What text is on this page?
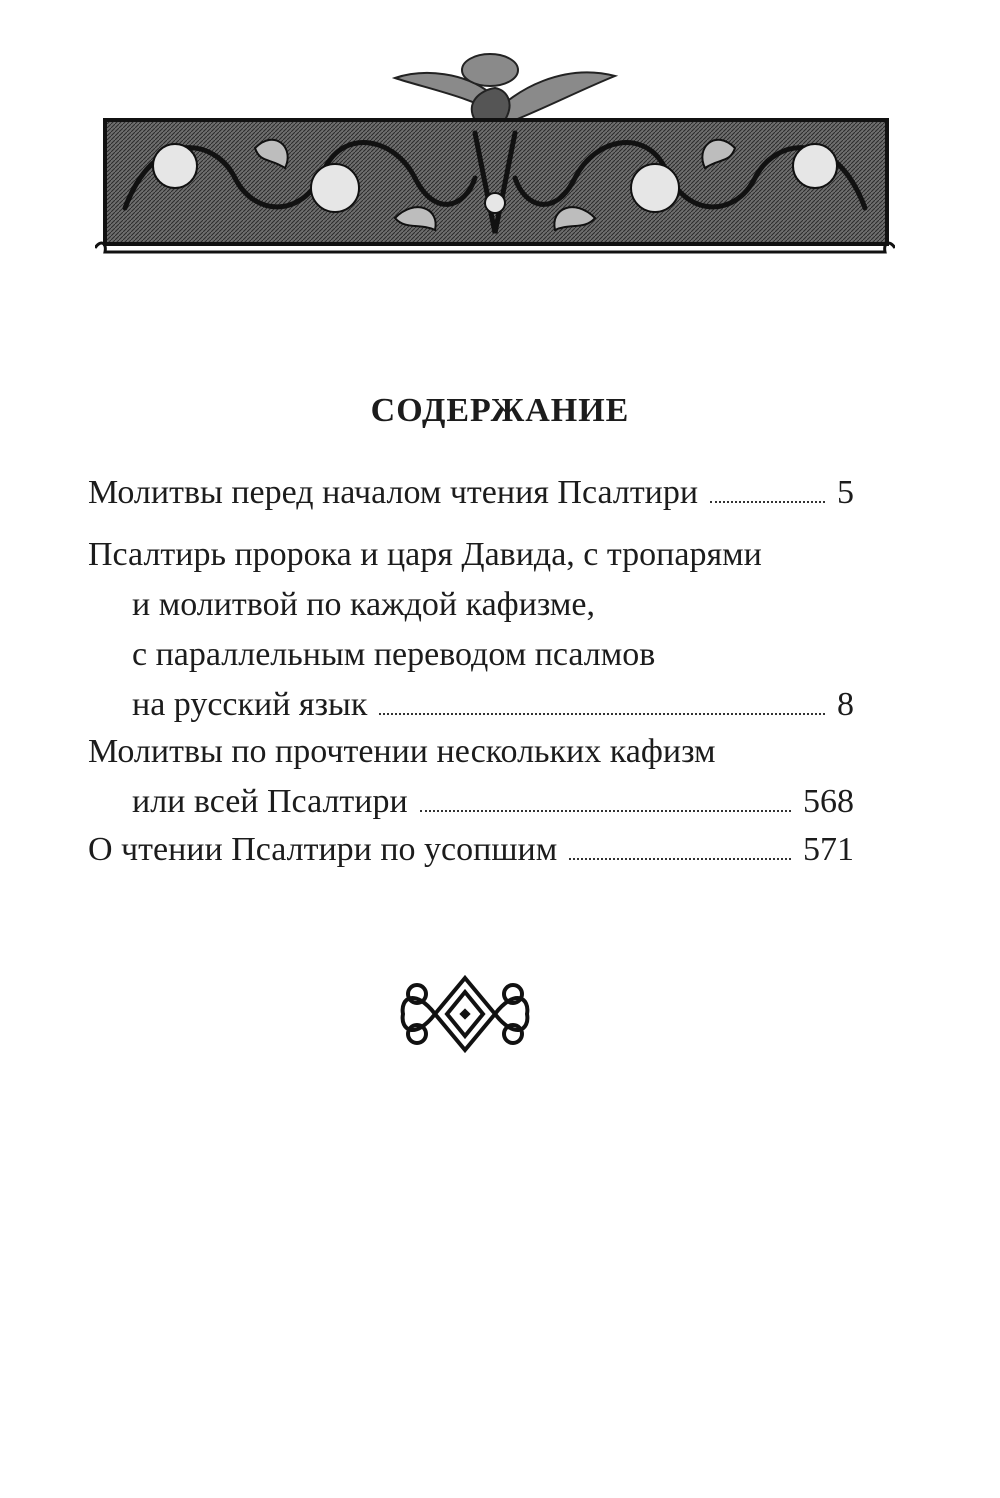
СОДЕРЖАНИЕ
Молитвы перед началом чтения Псалтири	5
Псалтирь пророка и царя Давида, с тропарями
и молитвой по каждой кафизме,
с параллельным переводом псалмов
на русский язык	8
Молитвы по прочтении нескольких кафизм
или всей Псалтири	568
О чтении Псалтири по усопшим	571
